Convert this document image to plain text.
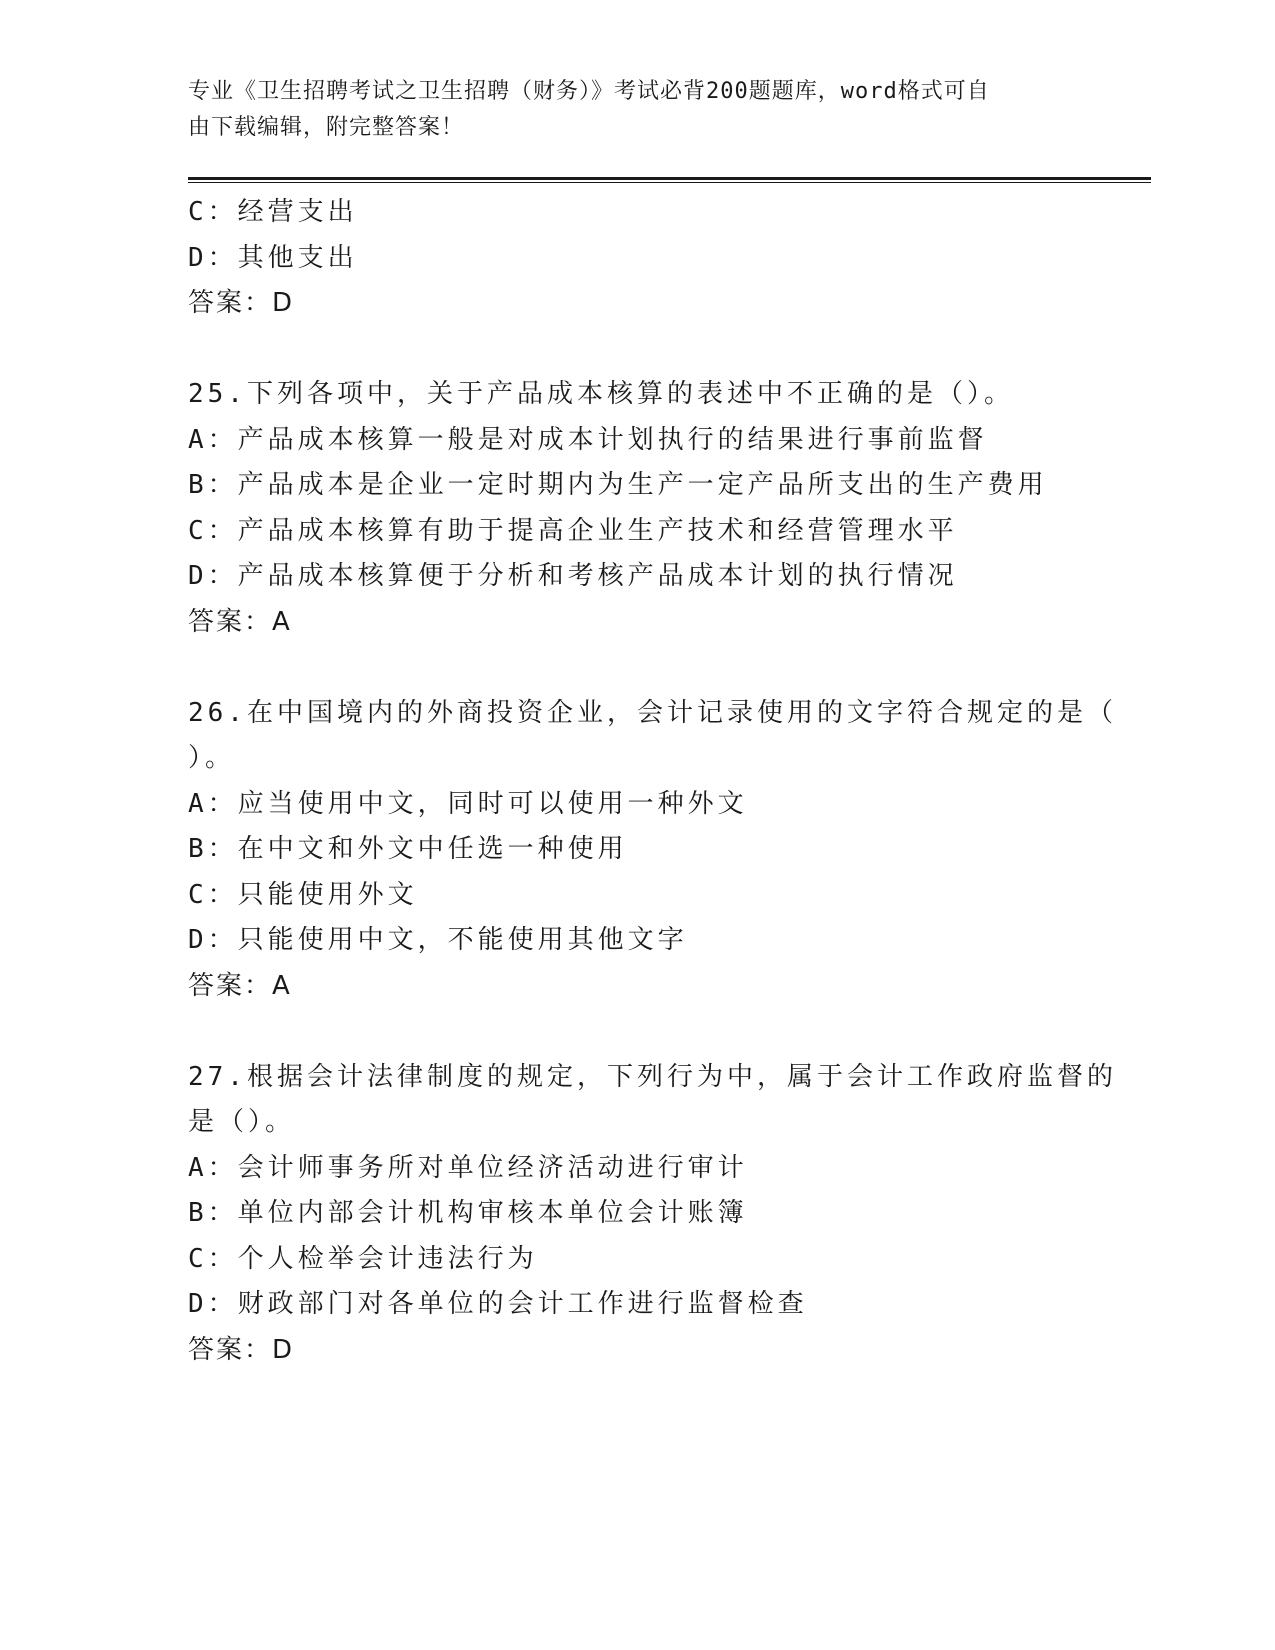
专业《卫生招聘考试之卫生招聘（财务）》考试必背200题题库，word格式可自
由下载编辑，附完整答案！
C：经营支出
D：其他支出
答案：D
25.下列各项中，关于产品成本核算的表述中不正确的是（）。
A：产品成本核算一般是对成本计划执行的结果进行事前监督
B：产品成本是企业一定时期内为生产一定产品所支出的生产费用
C：产品成本核算有助于提高企业生产技术和经营管理水平
D：产品成本核算便于分析和考核产品成本计划的执行情况
答案：A
26.在中国境内的外商投资企业，会计记录使用的文字符合规定的是（
）。
A：应当使用中文，同时可以使用一种外文
B：在中文和外文中任选一种使用
C：只能使用外文
D：只能使用中文，不能使用其他文字
答案：A
27.根据会计法律制度的规定，下列行为中，属于会计工作政府监督的
是（）。
A：会计师事务所对单位经济活动进行审计
B：单位内部会计机构审核本单位会计账簿
C：个人检举会计违法行为
D：财政部门对各单位的会计工作进行监督检查
答案：D
